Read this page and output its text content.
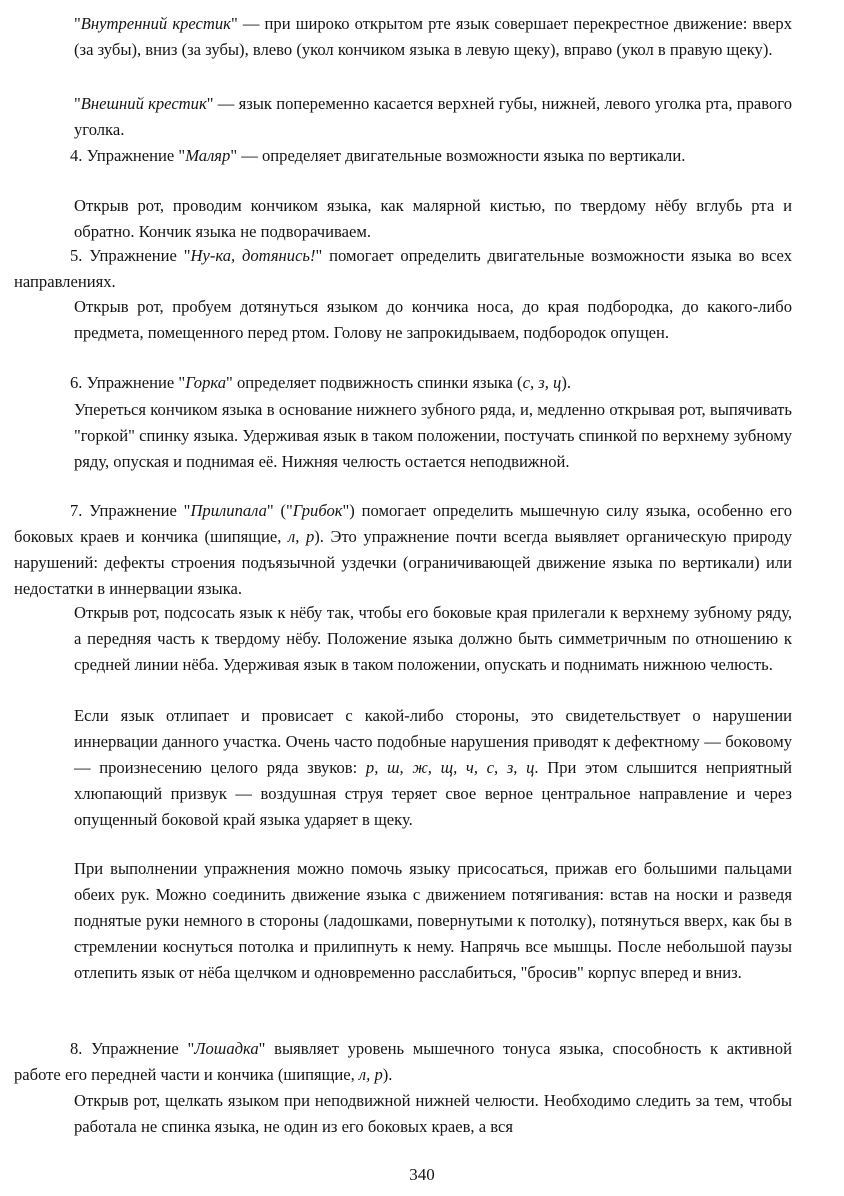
"Внутренний крестик" — при широко открытом рте язык совершает перекрестное движение: вверх (за зубы), вниз (за зубы), влево (укол кончиком языка в левую щеку), вправо (укол в правую щеку).
"Внешний крестик" — язык попеременно касается верхней губы, нижней, левого уголка рта, правого уголка.
4. Упражнение "Маляр" — определяет двигательные возможности языка по вертикали.
Открыв рот, проводим кончиком языка, как малярной кистью, по твердому нёбу вглубь рта и обратно. Кончик языка не подворачиваем.
5. Упражнение "Ну-ка, дотянись!" помогает определить двигательные возможности языка во всех направлениях.
Открыв рот, пробуем дотянуться языком до кончика носа, до края подбородка, до какого-либо предмета, помещенного перед ртом. Голову не запрокидываем, подбородок опущен.
6. Упражнение "Горка" определяет подвижность спинки языка (с, з, ц).
Упереться кончиком языка в основание нижнего зубного ряда, и, медленно открывая рот, выпячивать "горкой" спинку языка. Удерживая язык в таком положении, постучать спинкой по верхнему зубному ряду, опуская и поднимая её. Нижняя челюсть остается неподвижной.
7. Упражнение "Прилипала" ("Грибок") помогает определить мышечную силу языка, особенно его боковых краев и кончика (шипящие, л, р). Это упражнение почти всегда выявляет органическую природу нарушений: дефекты строения подъязычной уздечки (ограничивающей движение языка по вертикали) или недостатки в иннервации языка.
Открыв рот, подсосать язык к нёбу так, чтобы его боковые края прилегали к верхнему зубному ряду, а передняя часть к твердому нёбу. Положение языка должно быть симметричным по отношению к средней линии нёба. Удерживая язык в таком положении, опускать и поднимать нижнюю челюсть.
Если язык отлипает и провисает с какой-либо стороны, это свидетельствует о нарушении иннервации данного участка. Очень часто подобные нарушения приводят к дефектному — боковому — произнесению целого ряда звуков: р, ш, ж, щ, ч, с, з, ц. При этом слышится неприятный хлюпающий призвук — воздушная струя теряет свое верное центральное направление и через опущенный боковой край языка ударяет в щеку.
При выполнении упражнения можно помочь языку присосаться, прижав его большими пальцами обеих рук. Можно соединить движение языка с движением потягивания: встав на носки и разведя поднятые руки немного в стороны (ладошками, повернутыми к потолку), потянуться вверх, как бы в стремлении коснуться потолка и прилипнуть к нему. Напрячь все мышцы. После небольшой паузы отлепить язык от нёба щелчком и одновременно расслабиться, "бросив" корпус вперед и вниз.
8. Упражнение "Лошадка" выявляет уровень мышечного тонуса языка, способность к активной работе его передней части и кончика (шипящие, л, р).
Открыв рот, щелкать языком при неподвижной нижней челюсти. Необходимо следить за тем, чтобы работала не спинка языка, не один из его боковых краев, а вся
340
